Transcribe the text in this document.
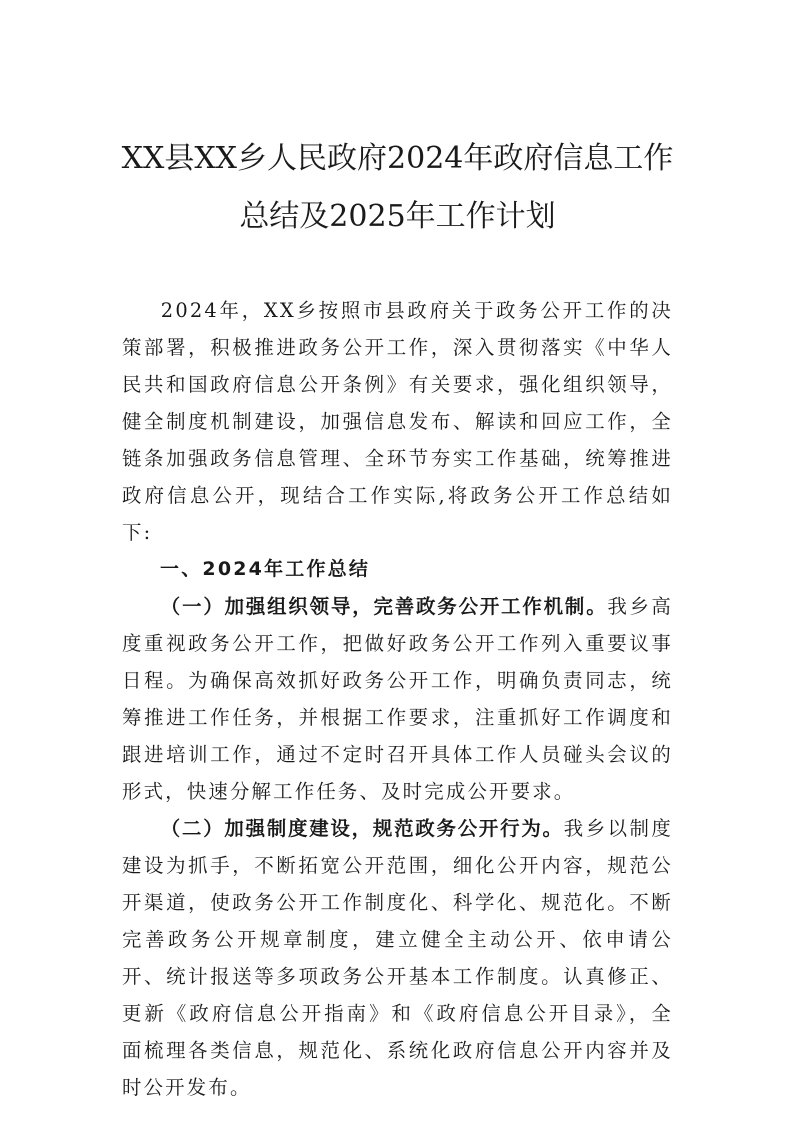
XX县XX乡人民政府2024年政府信息工作
总结及2025年工作计划

2024年，XX乡按照市县政府关于政务公开工作的决策部署，积极推进政务公开工作，深入贯彻落实《中华人民共和国政府信息公开条例》有关要求，强化组织领导，健全制度机制建设，加强信息发布、解读和回应工作，全链条加强政务信息管理、全环节夯实工作基础，统筹推进政府信息公开，现结合工作实际,将政务公开工作总结如下:

一、2024年工作总结

（一）加强组织领导，完善政务公开工作机制。我乡高度重视政务公开工作，把做好政务公开工作列入重要议事日程。为确保高效抓好政务公开工作，明确负责同志，统筹推进工作任务，并根据工作要求，注重抓好工作调度和跟进培训工作，通过不定时召开具体工作人员碰头会议的形式，快速分解工作任务、及时完成公开要求。

（二）加强制度建设，规范政务公开行为。我乡以制度建设为抓手，不断拓宽公开范围，细化公开内容，规范公开渠道，使政务公开工作制度化、科学化、规范化。不断完善政务公开规章制度，建立健全主动公开、依申请公开、统计报送等多项政务公开基本工作制度。认真修正、更新《政府信息公开指南》和《政府信息公开目录》，全面梳理各类信息，规范化、系统化政府信息公开内容并及时公开发布。
